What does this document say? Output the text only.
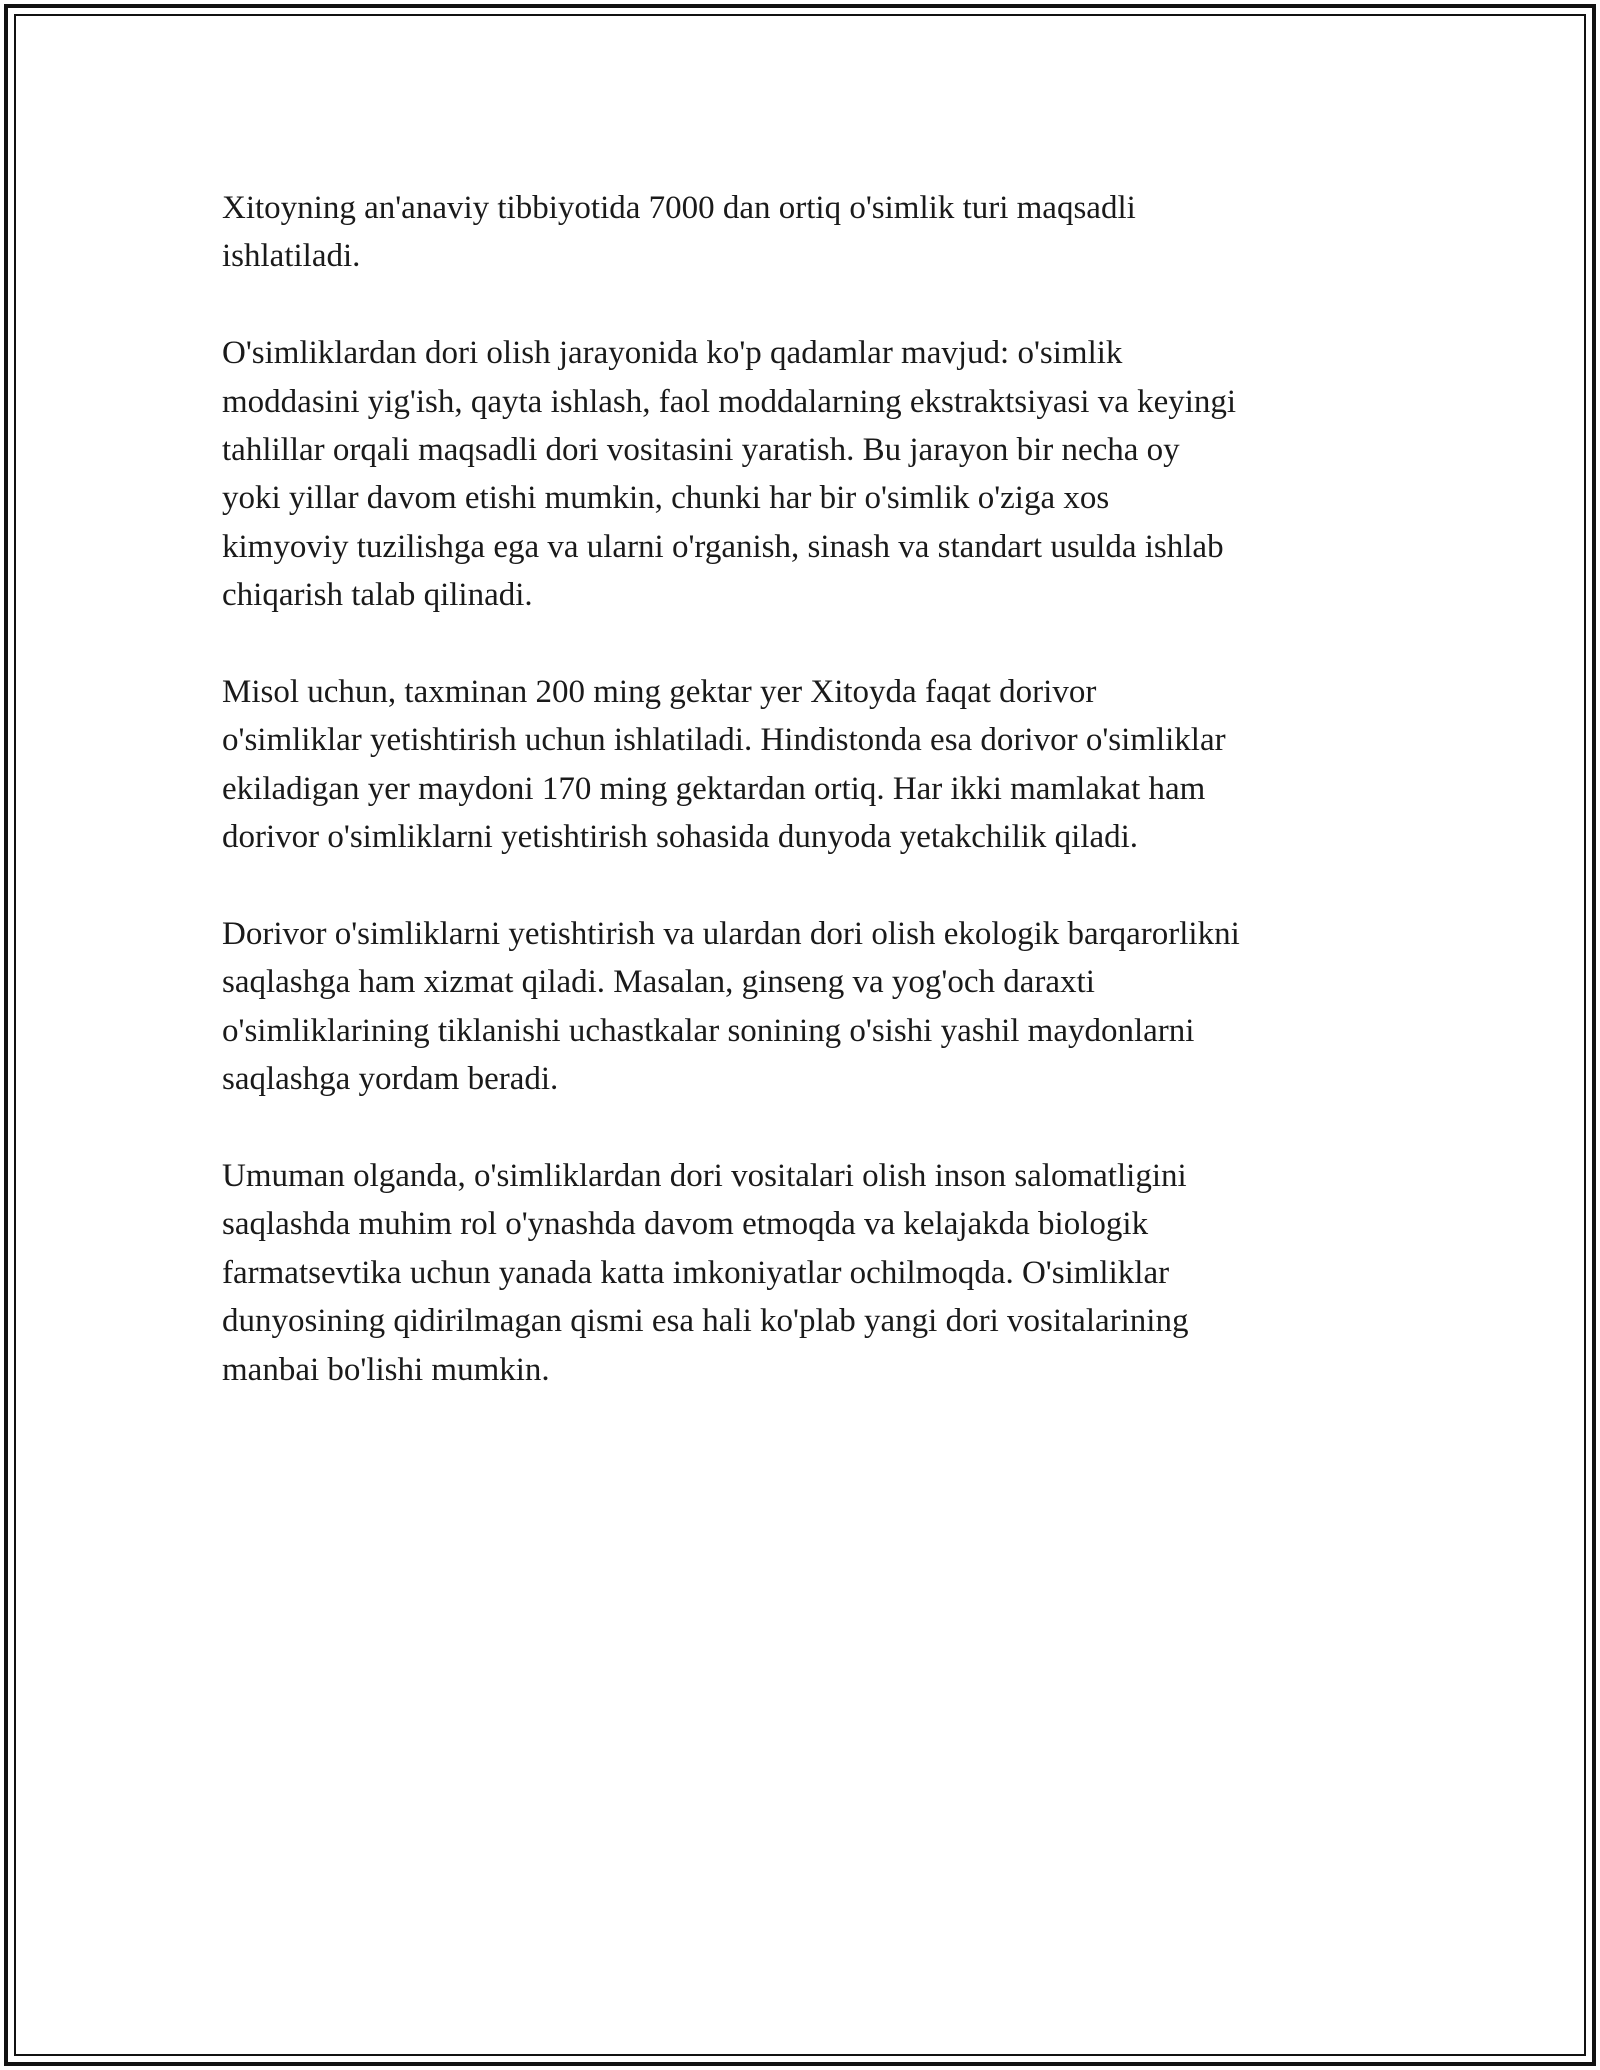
Xitoyning an'anaviy tibbiyotida 7000 dan ortiq o'simlik turi maqsadli
ishlatiladi.

O'simliklardan dori olish jarayonida ko'p qadamlar mavjud: o'simlik
moddasini yig'ish, qayta ishlash, faol moddalarning ekstraktsiyasi va keyingi
tahlillar orqali maqsadli dori vositasini yaratish. Bu jarayon bir necha oy
yoki yillar davom etishi mumkin, chunki har bir o'simlik o'ziga xos
kimyoviy tuzilishga ega va ularni o'rganish, sinash va standart usulda ishlab
chiqarish talab qilinadi.

Misol uchun, taxminan 200 ming gektar yer Xitoyda faqat dorivor
o'simliklar yetishtirish uchun ishlatiladi. Hindistonda esa dorivor o'simliklar
ekiladigan yer maydoni 170 ming gektardan ortiq. Har ikki mamlakat ham
dorivor o'simliklarni yetishtirish sohasida dunyoda yetakchilik qiladi.

Dorivor o'simliklarni yetishtirish va ulardan dori olish ekologik barqarorlikni
saqlashga ham xizmat qiladi. Masalan, ginseng va yog'och daraxti
o'simliklarining tiklanishi uchastkalar sonining o'sishi yashil maydonlarni
saqlashga yordam beradi.

Umuman olganda, o'simliklardan dori vositalari olish inson salomatligini
saqlashda muhim rol o'ynashda davom etmoqda va kelajakda biologik
farmatsevtika uchun yanada katta imkoniyatlar ochilmoqda. O'simliklar
dunyosining qidirilmagan qismi esa hali ko'plab yangi dori vositalarining
manbai bo'lishi mumkin.
